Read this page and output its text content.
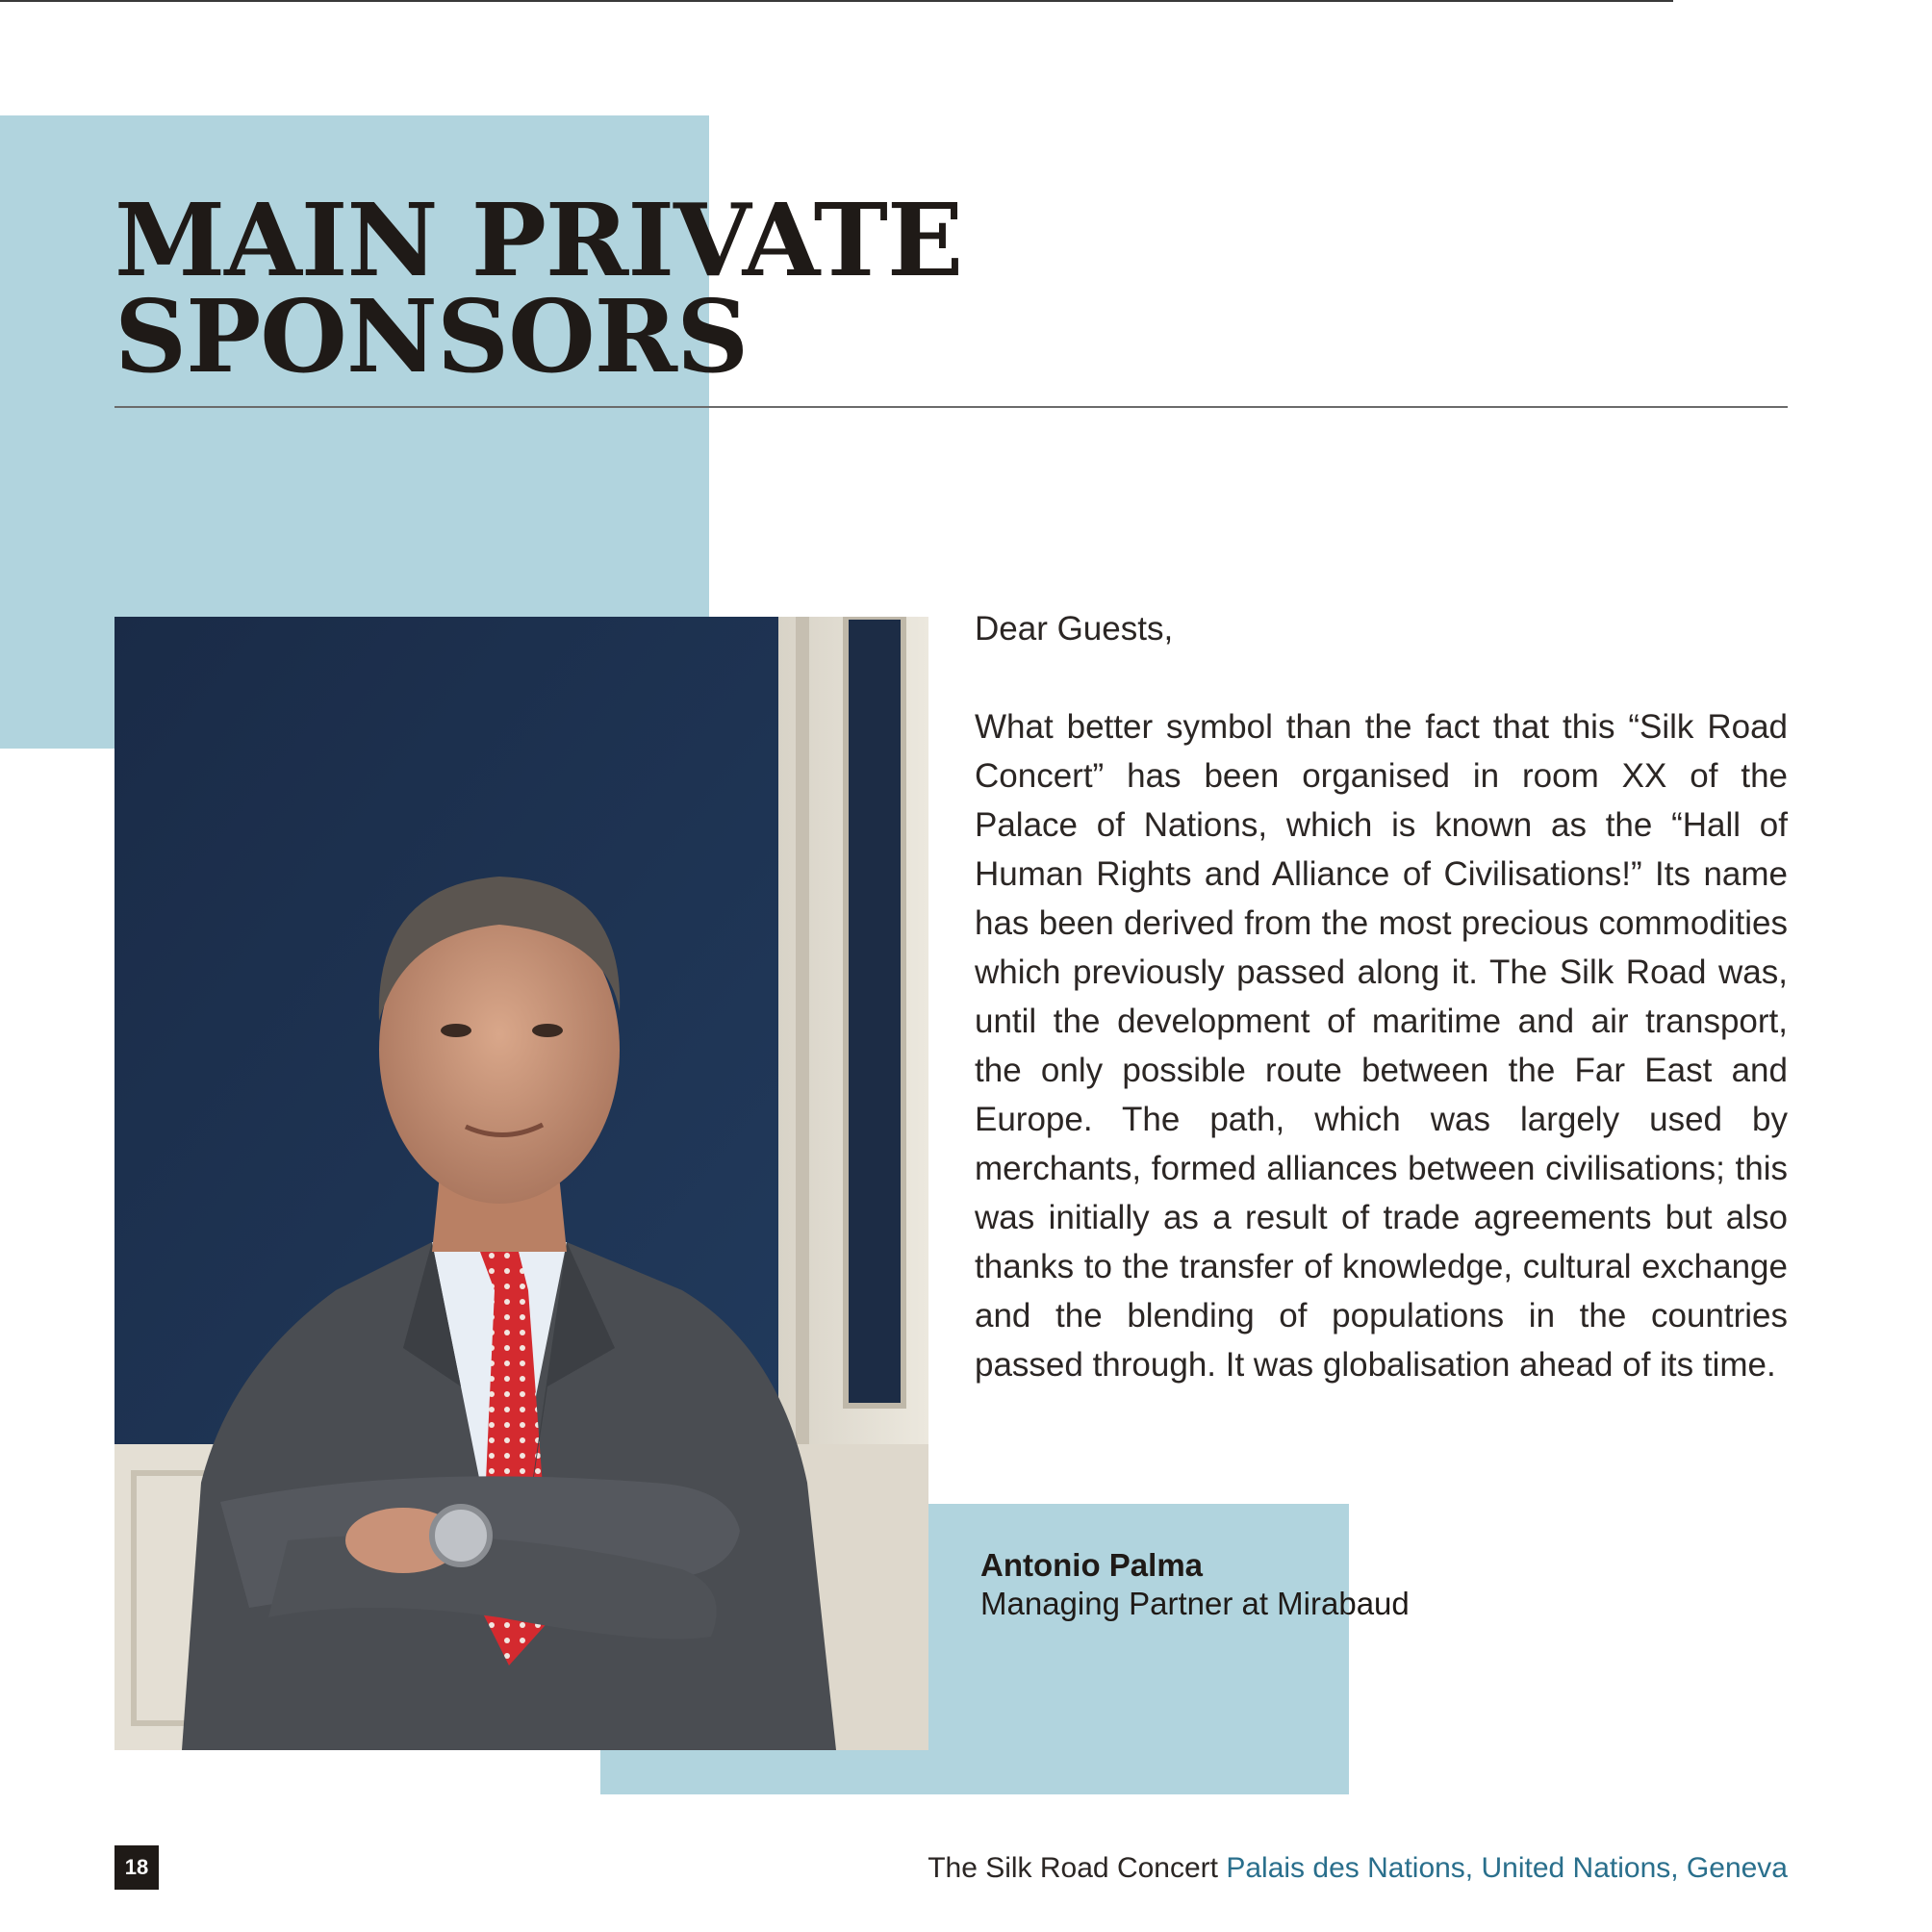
MAIN PRIVATE
SPONSORS

Dear Guests,

What better symbol than the fact that this “Silk Road Concert” has been organised in room XX of the Palace of Nations, which is known as the “Hall of Human Rights and Alliance of Civilisations!” Its name has been derived from the most precious commodities which previously passed along it. The Silk Road was, until the development of maritime and air transport, the only possible route between the Far East and Europe. The path, which was largely used by merchants, formed alliances between civilisations; this was initially as a result of trade agreements but also thanks to the transfer of knowledge, cultural exchange and the blending of populations in the countries passed through. It was globalisation ahead of its time.

Antonio Palma
Managing Partner at Mirabaud
18	The Silk Road Concert Palais des Nations, United Nations, Geneva
